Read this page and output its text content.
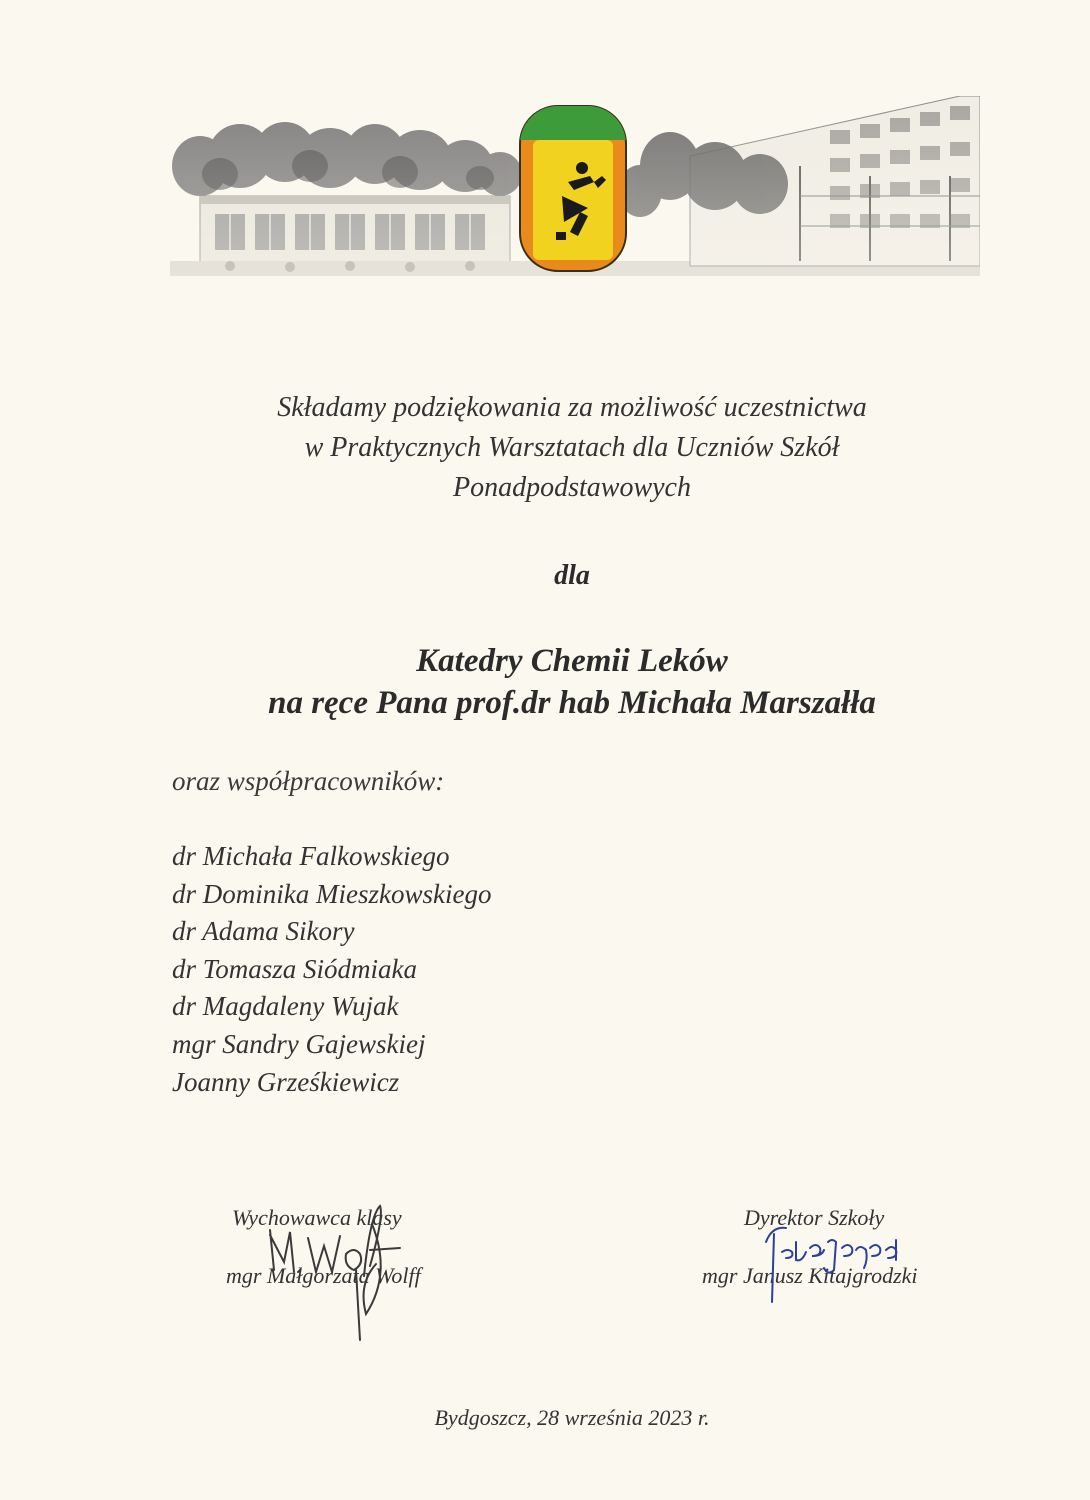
Składamy podziękowania za możliwość uczestnictwa
w Praktycznych Warsztatach dla Uczniów Szkół
Ponadpodstawowych
dla
Katedry Chemii Leków
na ręce Pana prof.dr hab Michała Marszałła
oraz współpracowników:
dr Michała Falkowskiego
dr Dominika Mieszkowskiego
dr Adama Sikory
dr Tomasza Siódmiaka
dr Magdaleny Wujak
mgr Sandry Gajewskiej
Joanny Grześkiewicz
Wychowawca klasy
mgr Małgorzata Wolff
Dyrektor Szkoły
mgr Janusz Kitajgrodzki
Bydgoszcz, 28 września 2023 r.
